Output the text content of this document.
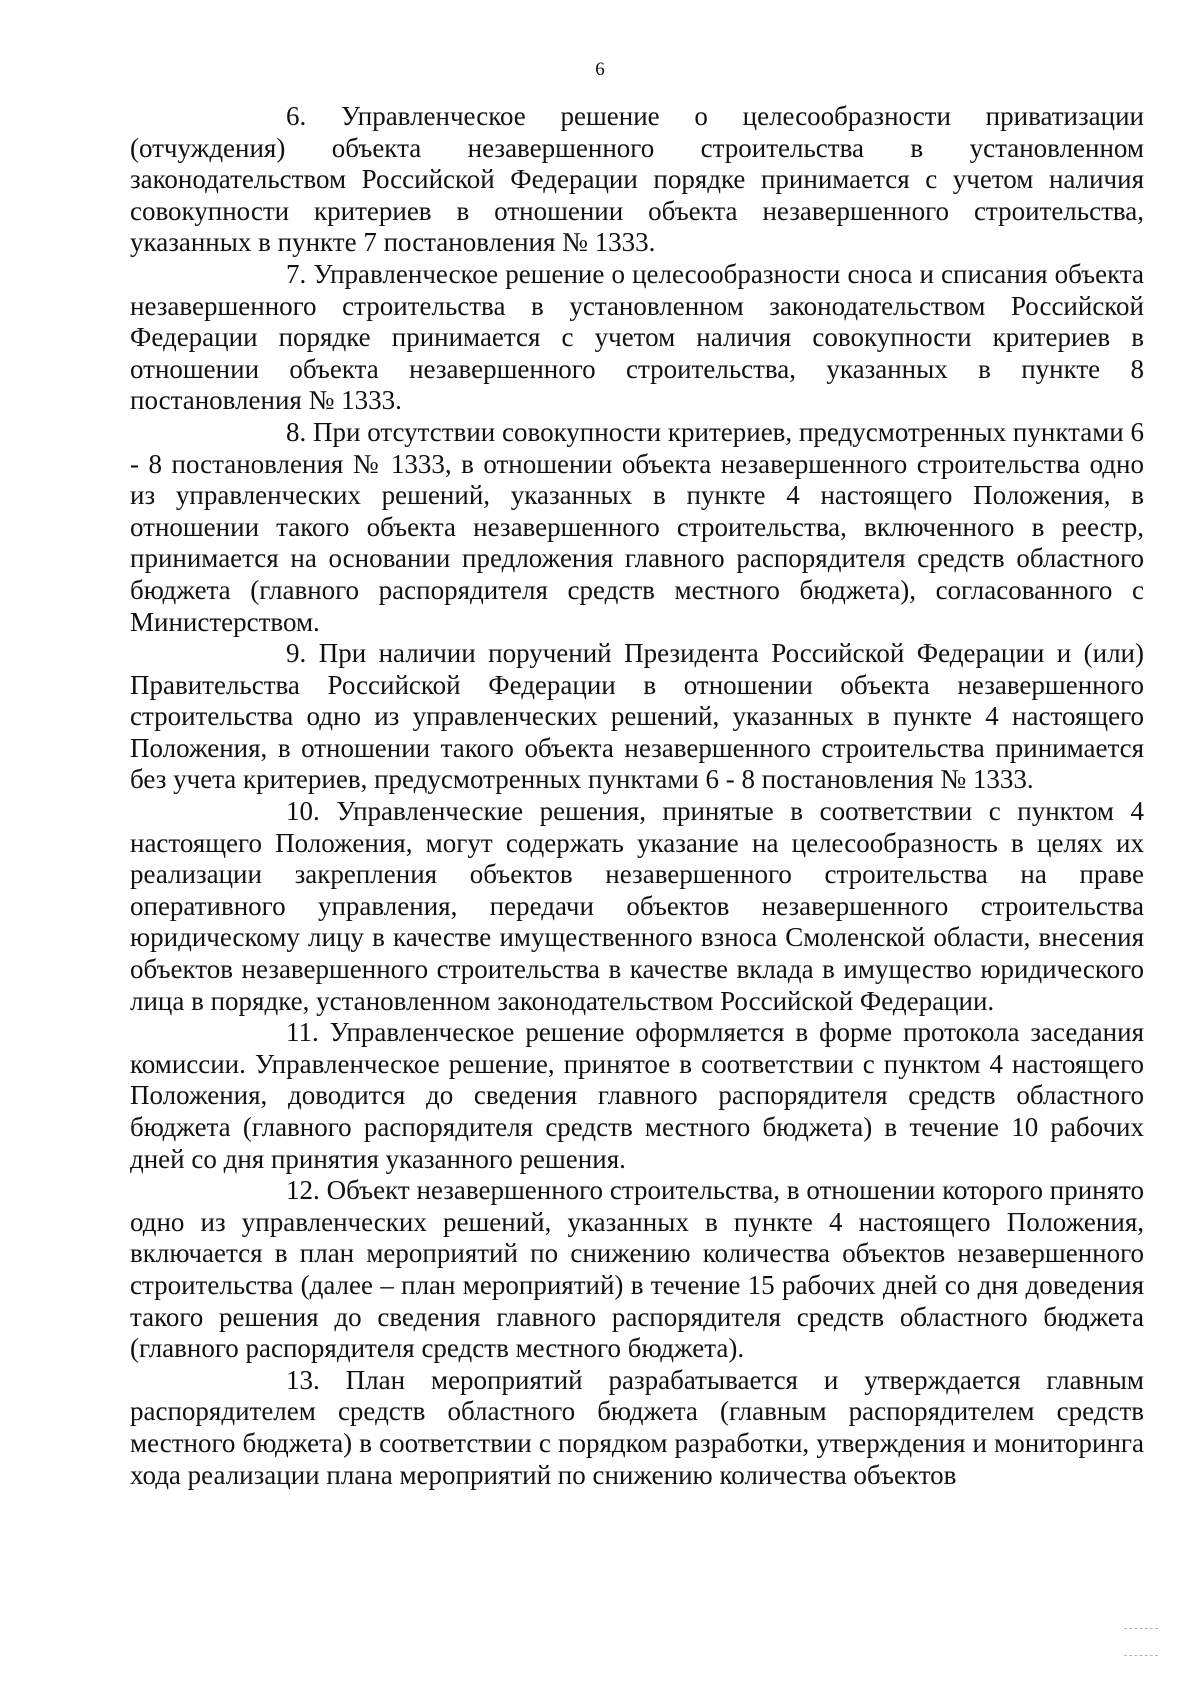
6

6. Управленческое решение о целесообразности приватизации (отчуждения) объекта незавершенного строительства в установленном законодательством Российской Федерации порядке принимается с учетом наличия совокупности критериев в отношении объекта незавершенного строительства, указанных в пункте 7 постановления № 1333.

7. Управленческое решение о целесообразности сноса и списания объекта незавершенного строительства в установленном законодательством Российской Федерации порядке принимается с учетом наличия совокупности критериев в отношении объекта незавершенного строительства, указанных в пункте 8 постановления № 1333.

8. При отсутствии совокупности критериев, предусмотренных пунктами 6 - 8 постановления № 1333, в отношении объекта незавершенного строительства одно из управленческих решений, указанных в пункте 4 настоящего Положения, в отношении такого объекта незавершенного строительства, включенного в реестр, принимается на основании предложения главного распорядителя средств областного бюджета (главного распорядителя средств местного бюджета), согласованного с Министерством.

9. При наличии поручений Президента Российской Федерации и (или) Правительства Российской Федерации в отношении объекта незавершенного строительства одно из управленческих решений, указанных в пункте 4 настоящего Положения, в отношении такого объекта незавершенного строительства принимается без учета критериев, предусмотренных пунктами 6 - 8 постановления № 1333.

10. Управленческие решения, принятые в соответствии с пунктом 4 настоящего Положения, могут содержать указание на целесообразность в целях их реализации закрепления объектов незавершенного строительства на праве оперативного управления, передачи объектов незавершенного строительства юридическому лицу в качестве имущественного взноса Смоленской области, внесения объектов незавершенного строительства в качестве вклада в имущество юридического лица в порядке, установленном законодательством Российской Федерации.

11. Управленческое решение оформляется в форме протокола заседания комиссии. Управленческое решение, принятое в соответствии с пунктом 4 настоящего Положения, доводится до сведения главного распорядителя средств областного бюджета (главного распорядителя средств местного бюджета) в течение 10 рабочих дней со дня принятия указанного решения.

12. Объект незавершенного строительства, в отношении которого принято одно из управленческих решений, указанных в пункте 4 настоящего Положения, включается в план мероприятий по снижению количества объектов незавершенного строительства (далее – план мероприятий) в течение 15 рабочих дней со дня доведения такого решения до сведения главного распорядителя средств областного бюджета (главного распорядителя средств местного бюджета).

13. План мероприятий разрабатывается и утверждается главным распорядителем средств областного бюджета (главным распорядителем средств местного бюджета) в соответствии с порядком разработки, утверждения и мониторинга хода реализации плана мероприятий по снижению количества объектов
